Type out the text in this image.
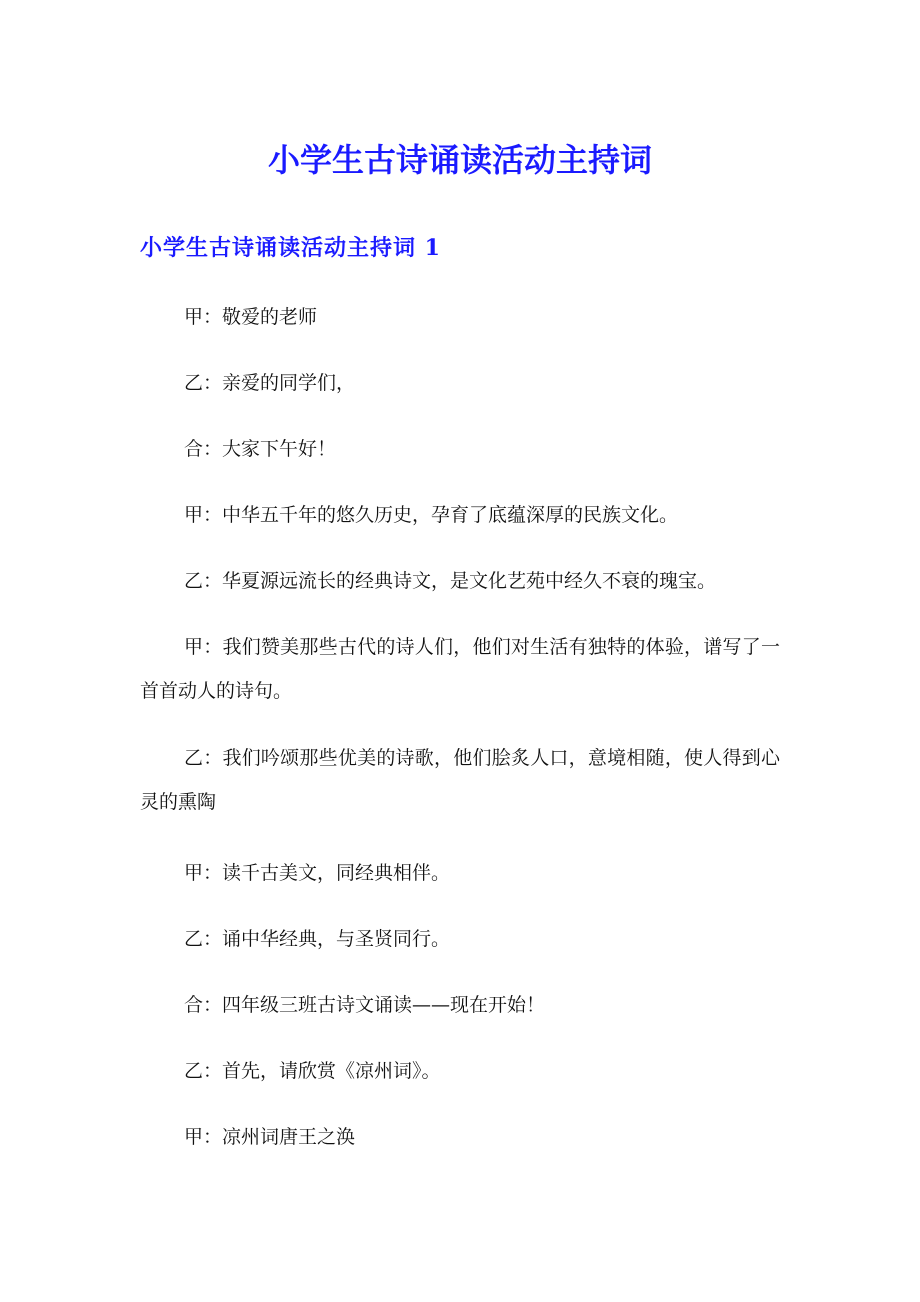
小学生古诗诵读活动主持词
小学生古诗诵读活动主持词 1

甲：敬爱的老师

乙：亲爱的同学们，

合：大家下午好！

甲：中华五千年的悠久历史，孕育了底蕴深厚的民族文化。

乙：华夏源远流长的经典诗文，是文化艺苑中经久不衰的瑰宝。

甲：我们赞美那些古代的诗人们，他们对生活有独特的体验，谱写了一首首动人的诗句。

乙：我们吟颂那些优美的诗歌，他们脍炙人口，意境相随，使人得到心灵的熏陶

甲：读千古美文，同经典相伴。

乙：诵中华经典，与圣贤同行。

合：四年级三班古诗文诵读——现在开始！

乙：首先，请欣赏《凉州词》。

甲：凉州词唐王之涣
